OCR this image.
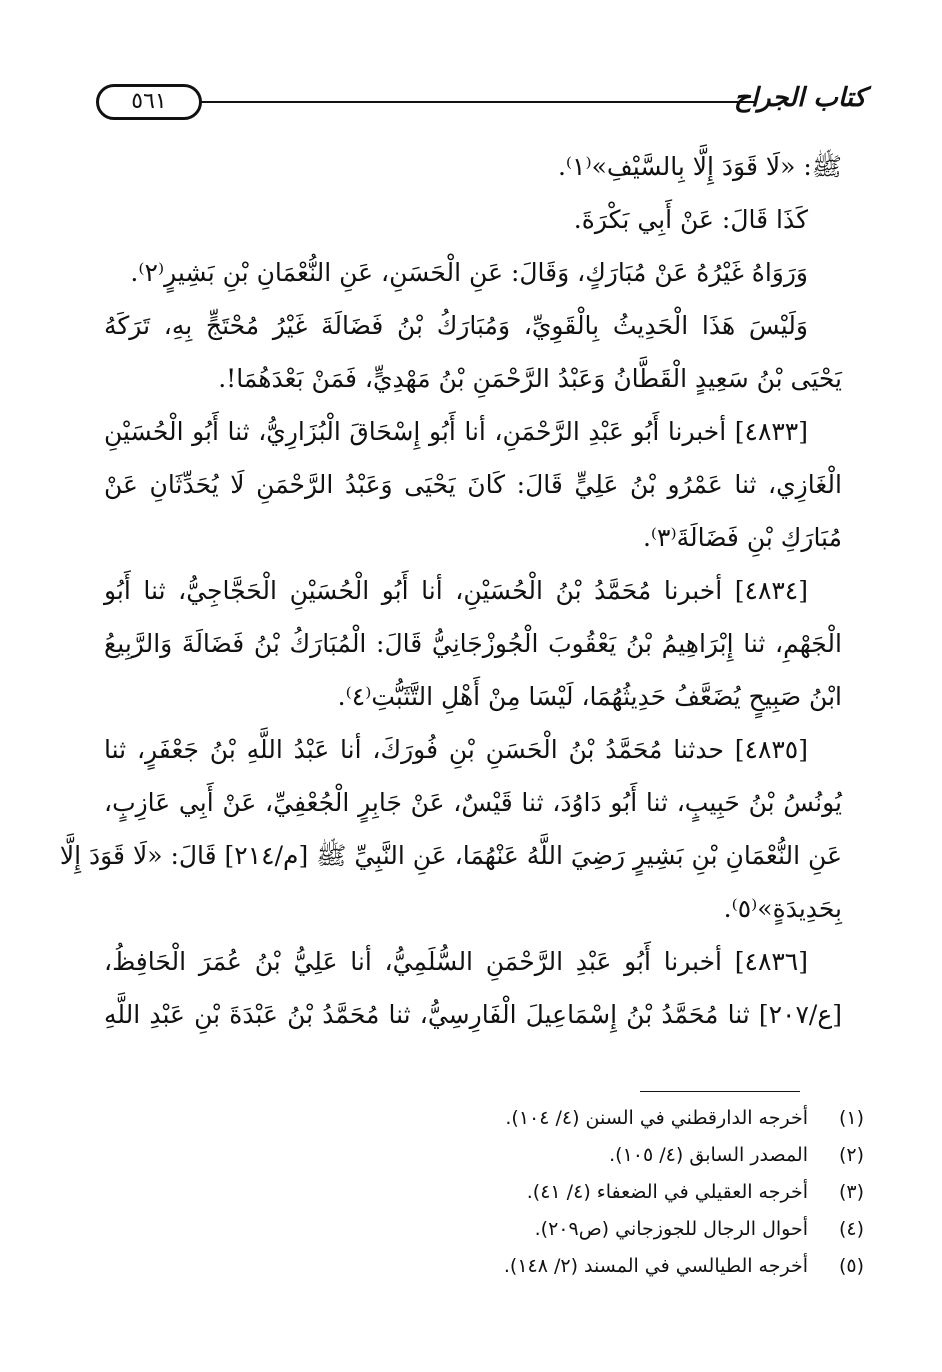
٥٦١	كتاب الجراح
ﷺ: «لَا قَوَدَ إِلَّا بِالسَّيْفِ»⁽١⁾.
كَذَا قَالَ: عَنْ أَبِي بَكْرَةَ.
وَرَوَاهُ غَيْرُهُ عَنْ مُبَارَكٍ، وَقَالَ: عَنِ الْحَسَنِ، عَنِ النُّعْمَانِ بْنِ بَشِيرٍ⁽٢⁾.
وَلَيْسَ هَذَا الْحَدِيثُ بِالْقَوِيِّ، وَمُبَارَكُ بْنُ فَضَالَةَ غَيْرُ مُحْتَجٍّ بِهِ، تَرَكَهُ
يَحْيَى بْنُ سَعِيدٍ الْقَطَّانُ وَعَبْدُ الرَّحْمَنِ بْنُ مَهْدِيٍّ، فَمَنْ بَعْدَهُمَا!.
[٤٨٣٣] أخبرنا أَبُو عَبْدِ الرَّحْمَنِ، أنا أَبُو إِسْحَاقَ الْبُزَارِيُّ، ثنا أَبُو الْحُسَيْنِ
الْغَازِي، ثنا عَمْرُو بْنُ عَلِيٍّ قَالَ: كَانَ يَحْيَى وَعَبْدُ الرَّحْمَنِ لَا يُحَدِّثَانِ عَنْ
مُبَارَكِ بْنِ فَضَالَةَ⁽٣⁾.
[٤٨٣٤] أخبرنا مُحَمَّدُ بْنُ الْحُسَيْنِ، أنا أَبُو الْحُسَيْنِ الْحَجَّاجِيُّ، ثنا أَبُو
الْجَهْمِ، ثنا إِبْرَاهِيمُ بْنُ يَعْقُوبَ الْجُوزْجَانِيُّ قَالَ: الْمُبَارَكُ بْنُ فَضَالَةَ وَالرَّبِيعُ
ابْنُ صَبِيحٍ يُضَعَّفُ حَدِيثُهُمَا، لَيْسَا مِنْ أَهْلِ التَّثَبُّتِ⁽٤⁾.
[٤٨٣٥] حدثنا مُحَمَّدُ بْنُ الْحَسَنِ بْنِ فُورَكَ، أنا عَبْدُ اللَّهِ بْنُ جَعْفَرٍ، ثنا
يُونُسُ بْنُ حَبِيبٍ، ثنا أَبُو دَاوُدَ، ثنا قَيْسٌ، عَنْ جَابِرٍ الْجُعْفِيِّ، عَنْ أَبِي عَازِبٍ،
عَنِ النُّعْمَانِ بْنِ بَشِيرٍ رَضِيَ اللَّهُ عَنْهُمَا، عَنِ النَّبِيِّ ﷺ [م/٢١٤] قَالَ: «لَا قَوَدَ إِلَّا
بِحَدِيدَةٍ»⁽٥⁾.
[٤٨٣٦] أخبرنا أَبُو عَبْدِ الرَّحْمَنِ السُّلَمِيُّ، أنا عَلِيُّ بْنُ عُمَرَ الْحَافِظُ،
[ع/٢٠٧] ثنا مُحَمَّدُ بْنُ إِسْمَاعِيلَ الْفَارِسِيُّ، ثنا مُحَمَّدُ بْنُ عَبْدَةَ بْنِ عَبْدِ اللَّهِ
(١)أخرجه الدارقطني في السنن (٤/ ١٠٤).
(٢)المصدر السابق (٤/ ١٠٥).
(٣)أخرجه العقيلي في الضعفاء (٤/ ٤١).
(٤)أحوال الرجال للجوزجاني (ص٢٠٩).
(٥)أخرجه الطيالسي في المسند (٢/ ١٤٨).
